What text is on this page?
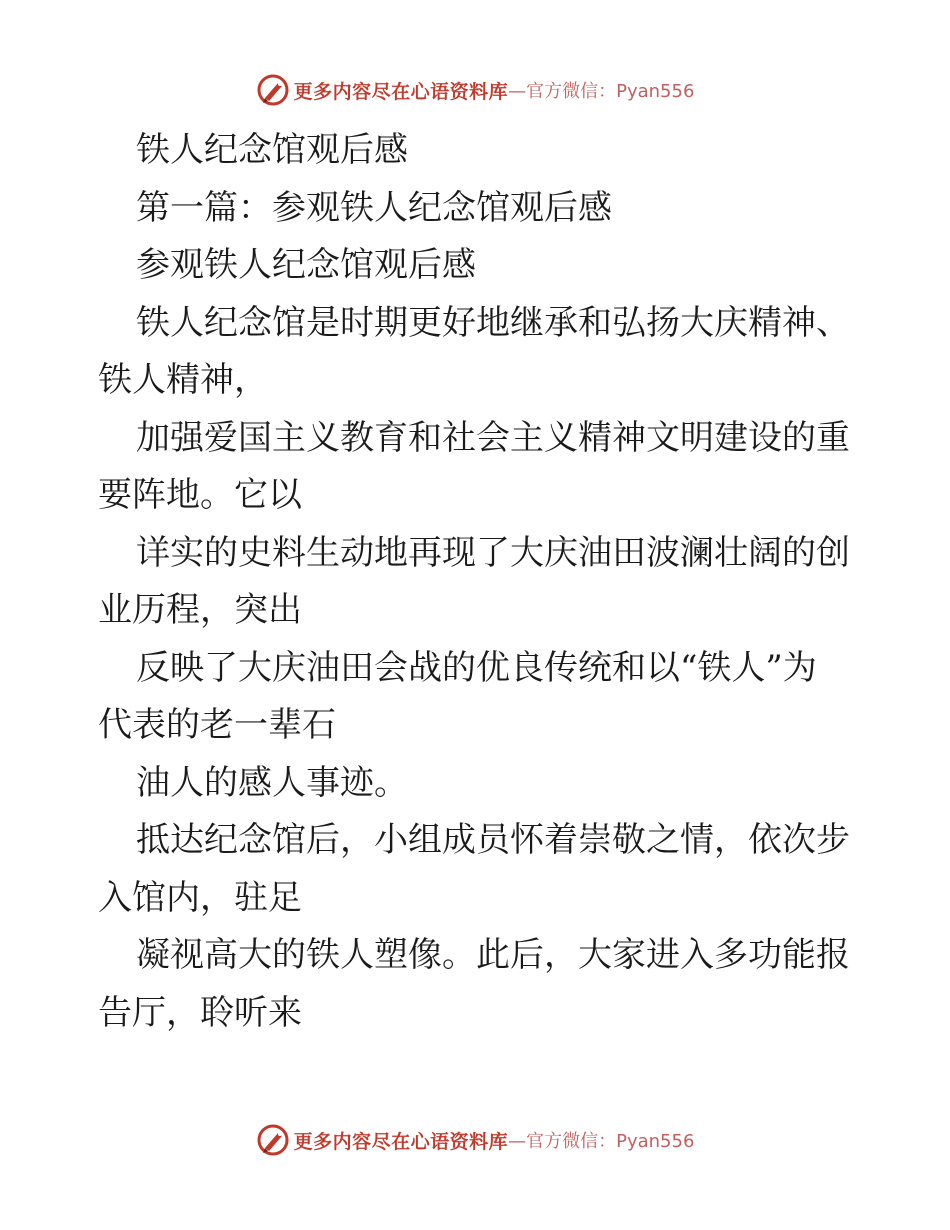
更多内容尽在心语资料库 —官方微信：Pyan556
铁人纪念馆观后感
第一篇：参观铁人纪念馆观后感
参观铁人纪念馆观后感
铁人纪念馆是时期更好地继承和弘扬大庆精神、
铁人精神，
加强爱国主义教育和社会主义精神文明建设的重
要阵地。它以
详实的史料生动地再现了大庆油田波澜壮阔的创
业历程，突出
反映了大庆油田会战的优良传统和以“铁人”为
代表的老一辈石
油人的感人事迹。
抵达纪念馆后，小组成员怀着崇敬之情，依次步
入馆内，驻足
凝视高大的铁人塑像。此后，大家进入多功能报
告厅，聆听来
更多内容尽在心语资料库 —官方微信：Pyan556
